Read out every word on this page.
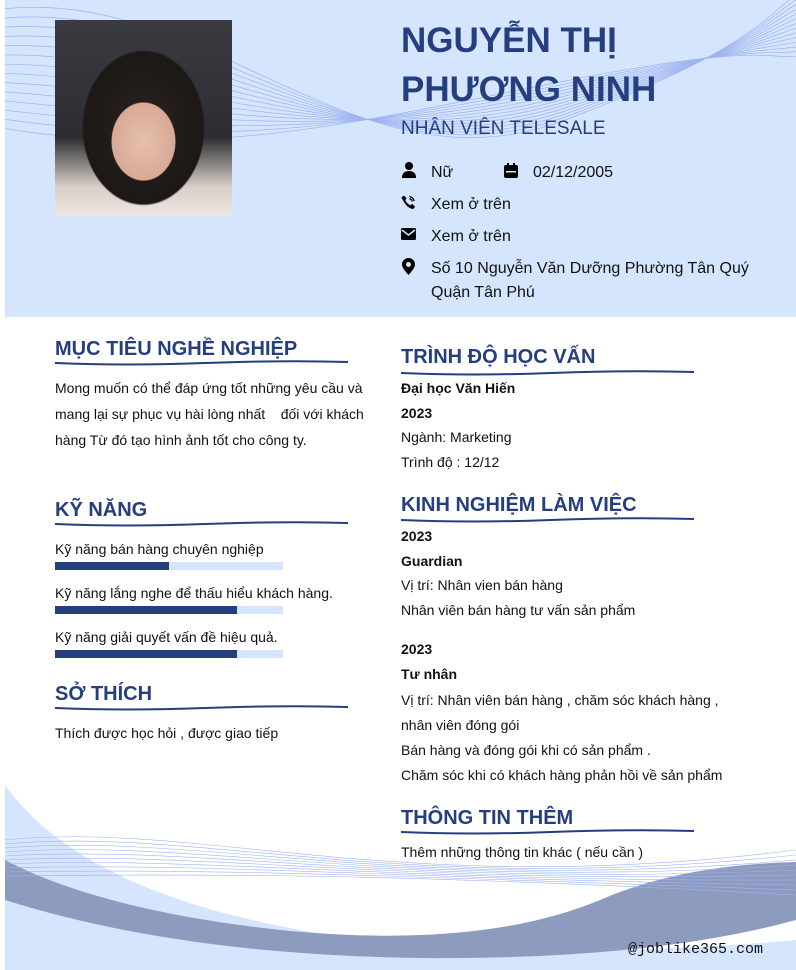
NGUYỄN THỊ
PHƯƠNG NINH
NHÂN VIÊN TELESALE
Nữ	02/12/2005
Xem ở trên
Xem ở trên
Số 10 Nguyễn Văn Dưỡng Phường Tân Quý
Quận Tân Phú
MỤC TIÊU NGHỀ NGHIỆP
Mong muốn có thể đáp ứng tốt những yêu cầu và
mang lại sự phục vụ hài lòng nhất    đối với khách
hàng Từ đó tạo hình ảnh tốt cho công ty.
KỸ NĂNG
Kỹ năng bán hàng chuyên nghiệp
Kỹ năng lắng nghe để thấu hiểu khách hàng.
Kỹ năng giải quyết vấn đề hiệu quả.
SỞ THÍCH
Thích được học hỏi , được giao tiếp
TRÌNH ĐỘ HỌC VẤN
Đại học Văn Hiến
2023
Ngành: Marketing
Trình độ : 12/12
KINH NGHIỆM LÀM VIỆC
2023
Guardian
Vị trí: Nhân vien bán hàng
Nhân viên bán hàng tư vấn sản phẩm
2023
Tư nhân
Vị trí: Nhân viên bán hàng , chăm sóc khách hàng ,
nhân viên đóng gói
Bán hàng và đóng gói khi có sản phẩm .
Chăm sóc khi có khách hàng phản hồi về sản phẩm
THÔNG TIN THÊM
Thêm những thông tin khác ( nếu cần )
@joblike365.com
